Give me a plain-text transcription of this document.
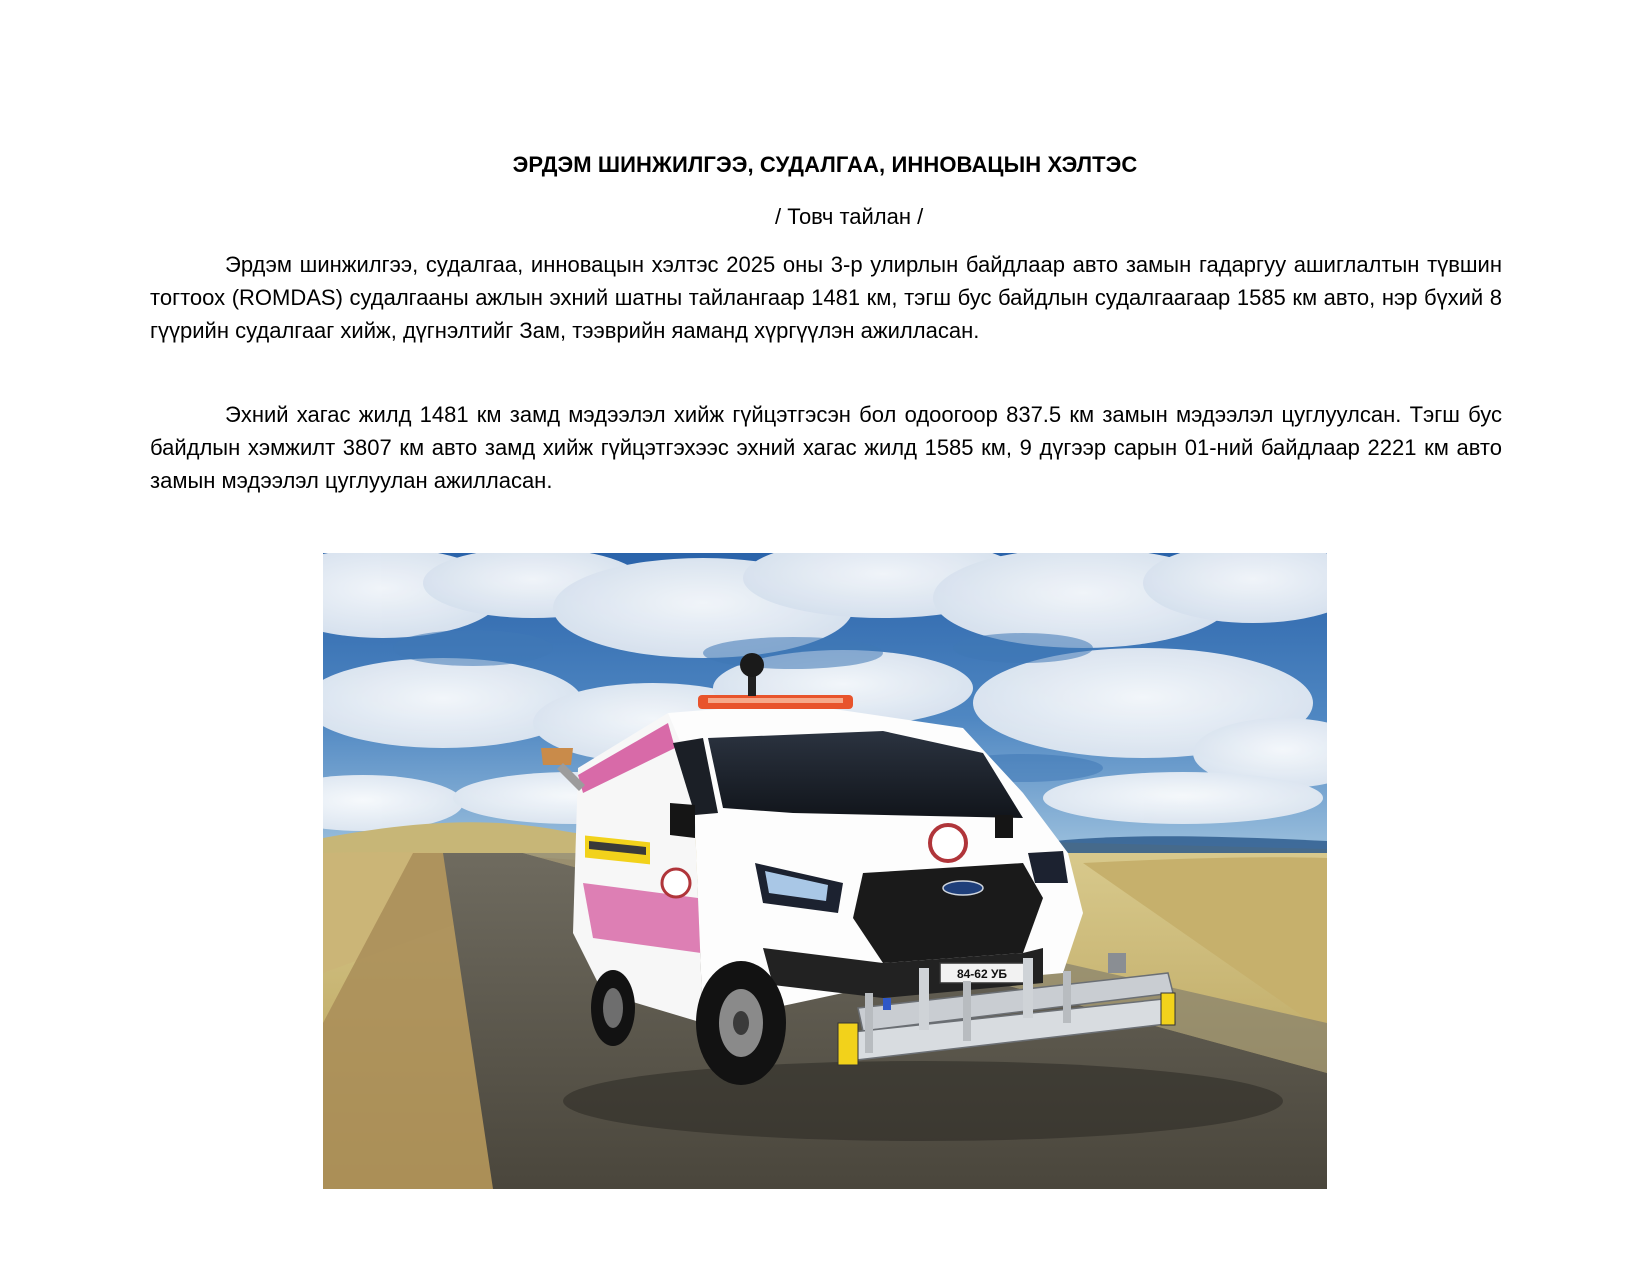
ЭРДЭМ ШИНЖИЛГЭЭ, СУДАЛГАА, ИННОВАЦЫН ХЭЛТЭС
/ Товч тайлан /

Эрдэм шинжилгээ, судалгаа, инновацын хэлтэс 2025 оны 3-р улирлын байдлаар авто замын гадаргуу ашиглалтын түвшин тогтоох (ROMDAS) судалгааны ажлын эхний шатны тайлангаар 1481 км, тэгш бус байдлын судалгаагаар 1585 км авто, нэр бүхий 8 гүүрийн судалгааг хийж, дүгнэлтийг Зам, тээврийн яаманд хүргүүлэн ажилласан.

Эхний хагас жилд 1481 км замд мэдээлэл хийж гүйцэтгэсэн бол одоогоор 837.5 км замын мэдээлэл цуглуулсан. Тэгш бус байдлын хэмжилт 3807 км авто замд хийж гүйцэтгэхээс эхний хагас жилд 1585 км, 9 дүгээр сарын 01-ний байдлаар 2221 км авто замын мэдээлэл цуглуулан ажилласан.

84-62 УБ
